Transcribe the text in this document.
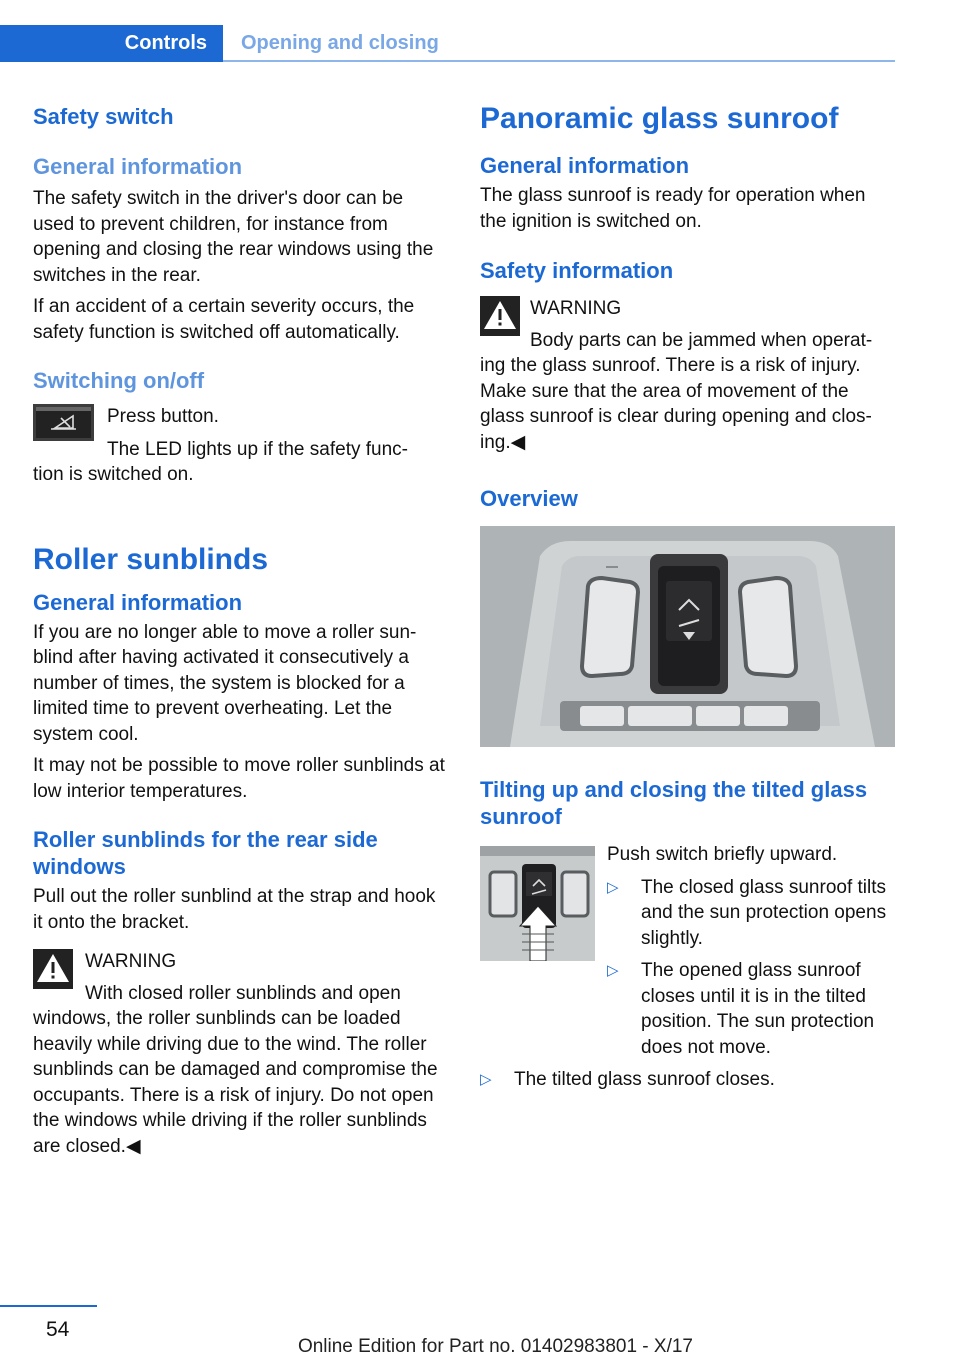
Controls	Opening and closing
Safety switch
General information

The safety switch in the driver's door can be used to prevent children, for instance from opening and closing the rear windows using the switches in the rear.

If an accident of a certain severity occurs, the safety function is switched off automatically.

Switching on/off

Press button.

The LED lights up if the safety func‐

tion is switched on.

Roller sunblinds
General information

If you are no longer able to move a roller sun‐blind after having activated it consecutively a number of times, the system is blocked for a limited time to prevent overheating. Let the system cool.

It may not be possible to move roller sunblinds at low interior temperatures.

Roller sunblinds for the rear side windows

Pull out the roller sunblind at the strap and hook it onto the bracket.

WARNING

With closed roller sunblinds and open

windows, the roller sunblinds can be loaded heavily while driving due to the wind. The roller sunblinds can be damaged and compromise the occupants. There is a risk of injury. Do not open the windows while driving if the roller sunblinds are closed.◀

Panoramic glass sunroof
General information

The glass sunroof is ready for operation when the ignition is switched on.

Safety information

WARNING

Body parts can be jammed when operat‐

ing the glass sunroof. There is a risk of injury. Make sure that the area of movement of the glass sunroof is clear during opening and clos‐ing.◀

Overview
Tilting up and closing the tilted glass sunroof

Push switch briefly upward.

▷ The closed glass sunroof tilts and the sun protection opens slightly.
▷ The opened glass sunroof closes until it is in the tilted position. The sun protection does not move.
▷ The tilted glass sunroof closes.
54
Online Edition for Part no. 01402983801 - X/17
